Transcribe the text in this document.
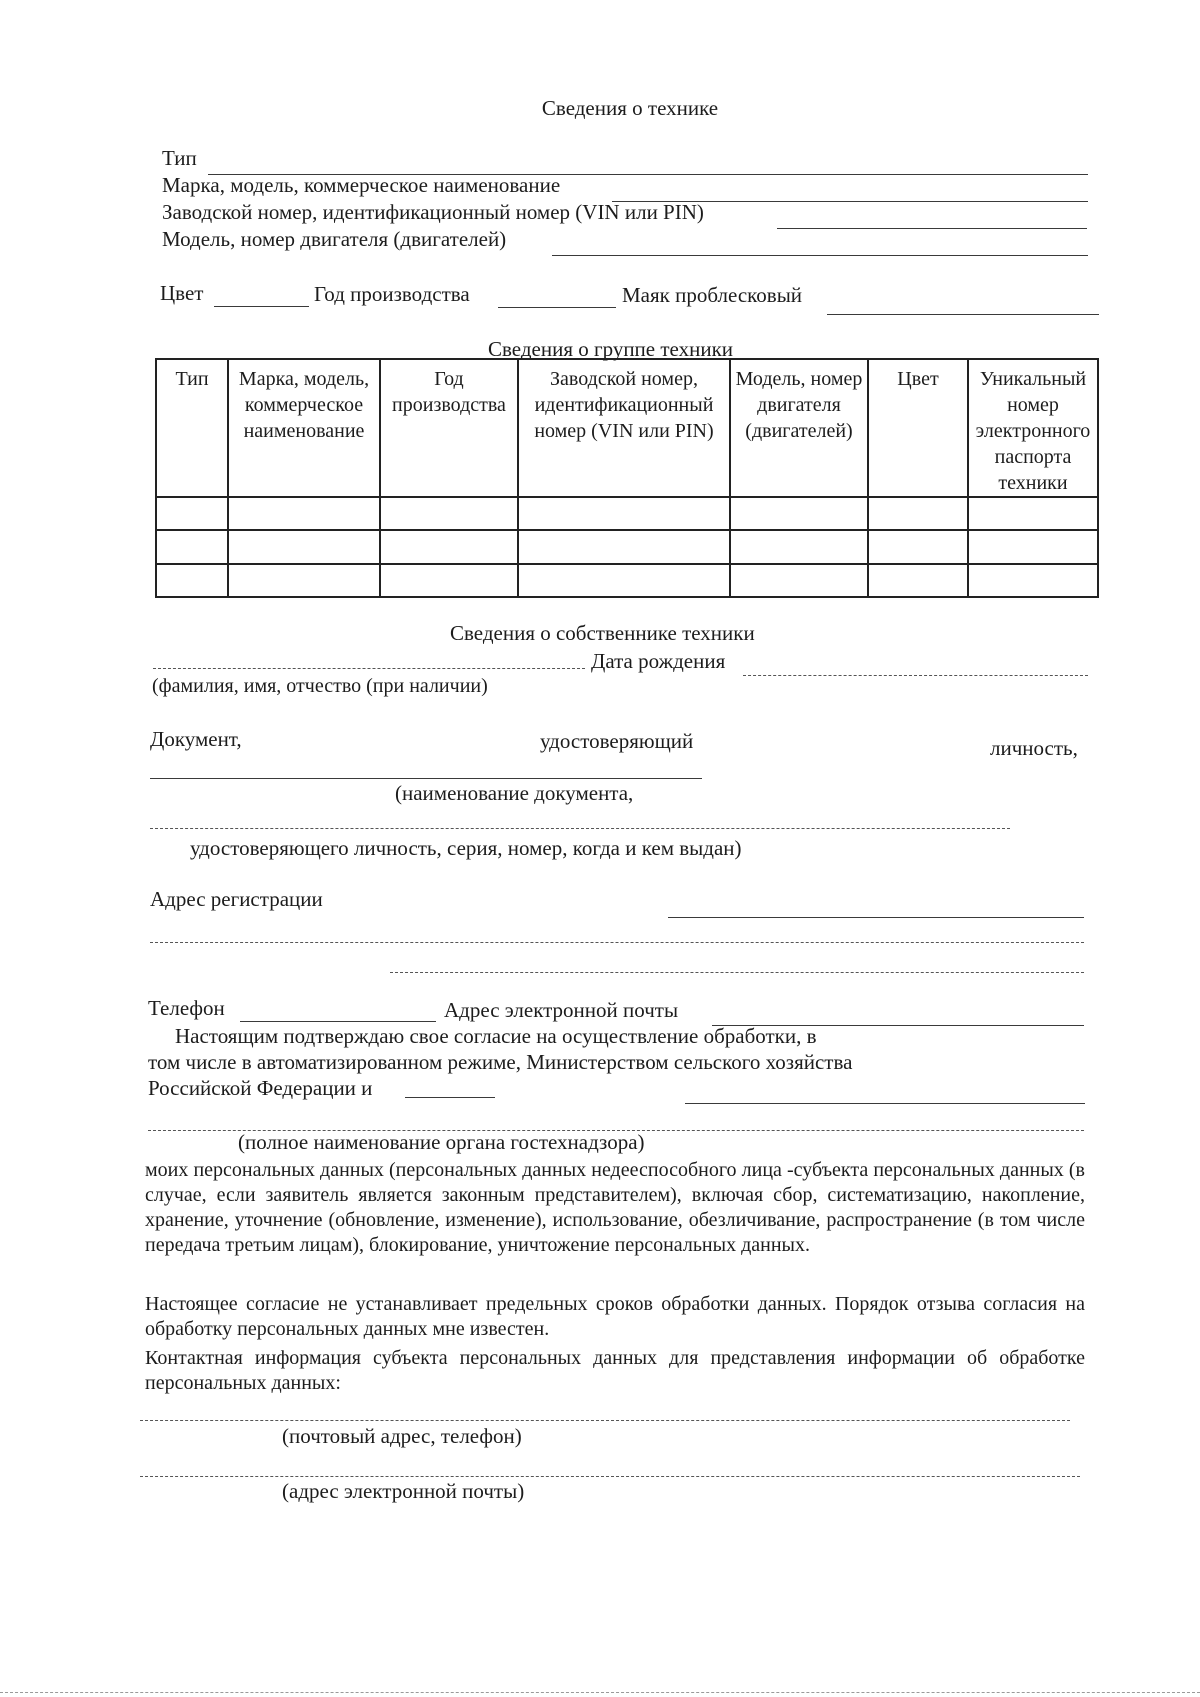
Сведения о технике
Тип
Марка, модель, коммерческое наименование
Заводской номер, идентификационный номер (VIN или PIN)
Модель, номер двигателя (двигателей)
Цвет	Год производства	Маяк проблесковый
Сведения о группе техники
Тип	Марка, модель, коммерческое наименование	Год производства	Заводской номер, идентификационный номер (VIN или PIN)	Модель, номер двигателя (двигателей)	Цвет	Уникальный номер электронного паспорта техники

Сведения о собственнике техники
Дата рождения
(фамилия, имя, отчество (при наличии)
Документ,	удостоверяющий	личность,
(наименование документа,
удостоверяющего личность, серия, номер, когда и кем выдан)
Адрес регистрации
Телефон	Адрес электронной почты
Настоящим подтверждаю свое согласие на осуществление обработки, в
том числе в автоматизированном режиме, Министерством сельского хозяйства
Российской Федерации и
(полное наименование органа гостехнадзора)
моих персональных данных (персональных данных недееспособного лица -субъекта персональных данных (в случае, если заявитель является законным представителем), включая сбор, систематизацию, накопление, хранение, уточнение (обновление, изменение), использование, обезличивание, распространение (в том числе передача третьим лицам), блокирование, уничтожение персональных данных.
Настоящее согласие не устанавливает предельных сроков обработки данных. Порядок отзыва согласия на обработку персональных данных мне известен.
Контактная информация субъекта персональных данных для представления информации об обработке персональных данных:
(почтовый адрес, телефон)
(адрес электронной почты)
